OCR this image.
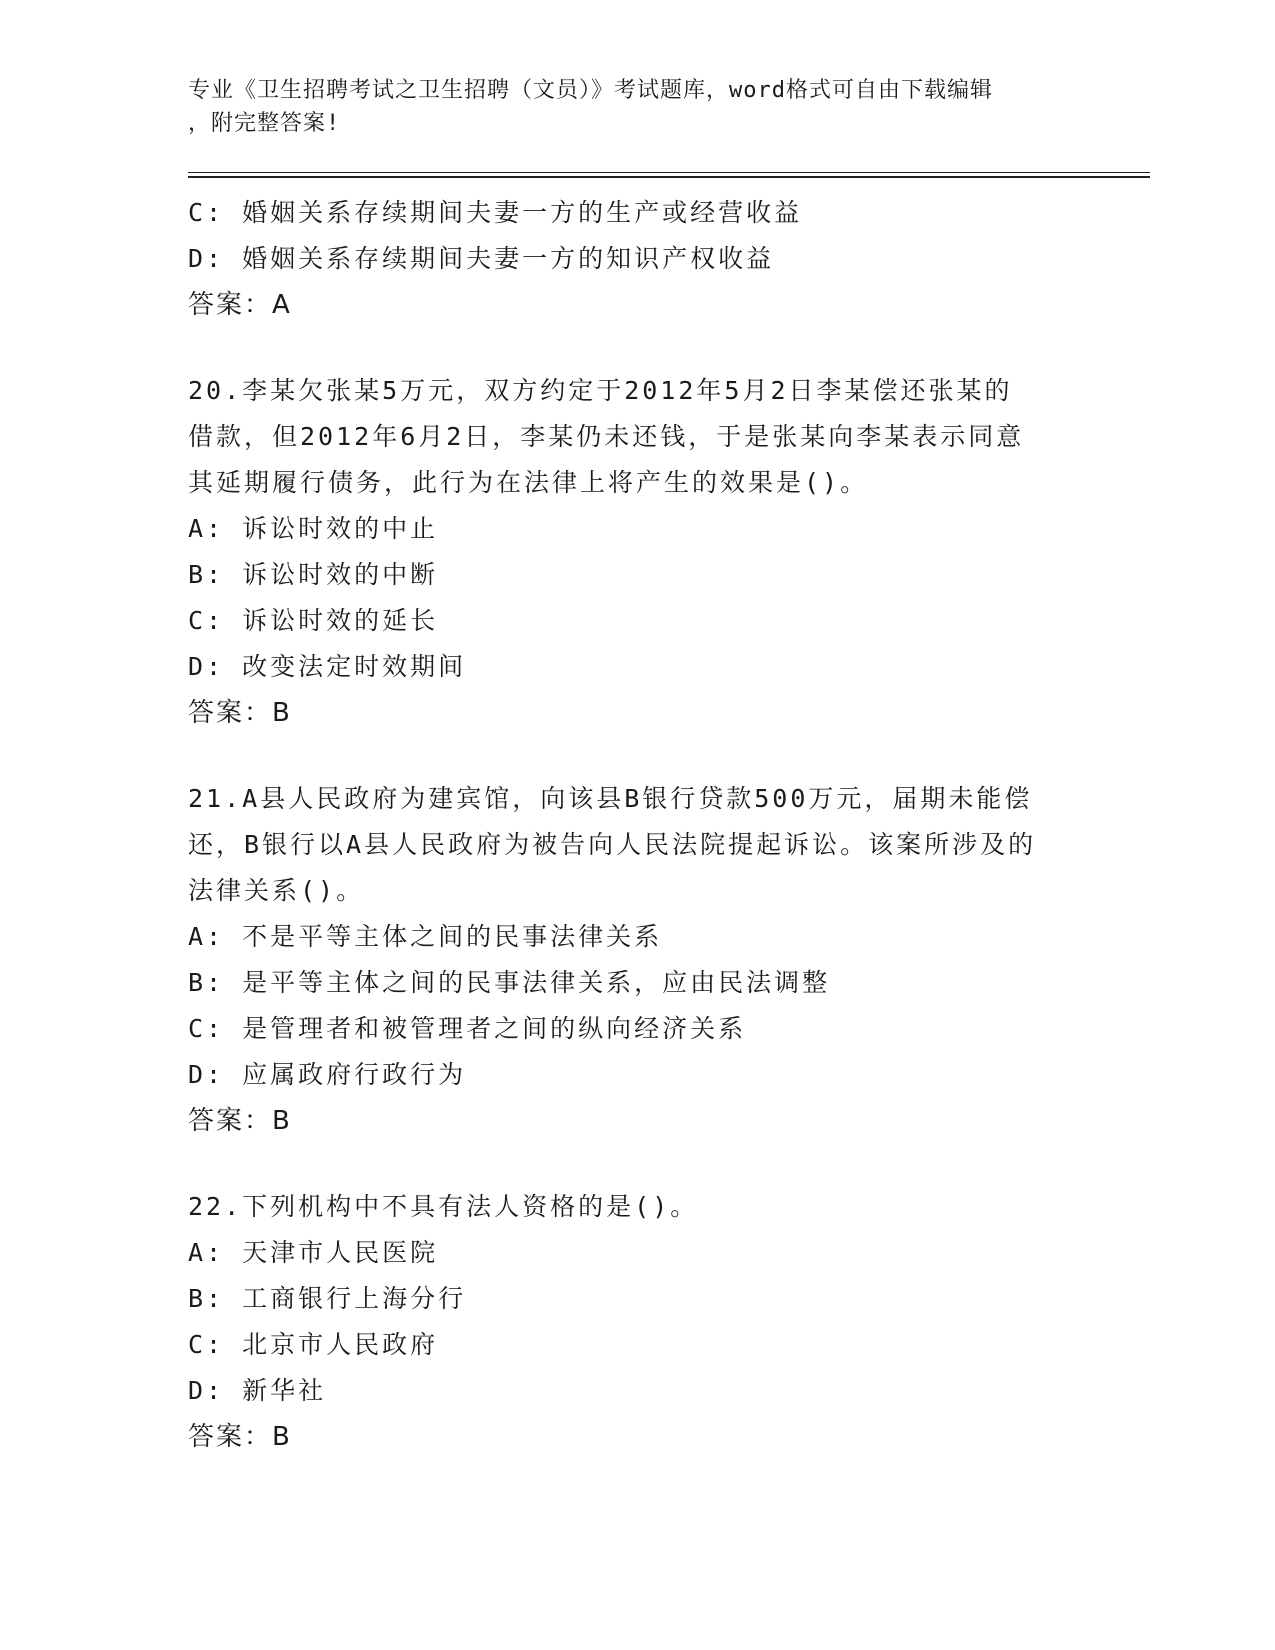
专业《卫生招聘考试之卫生招聘（文员）》考试题库，word格式可自由下载编辑
，附完整答案!
C: 婚姻关系存续期间夫妻一方的生产或经营收益
D: 婚姻关系存续期间夫妻一方的知识产权收益
答案：A
20.李某欠张某5万元，双方约定于2012年5月2日李某偿还张某的
借款，但2012年6月2日，李某仍未还钱，于是张某向李某表示同意
其延期履行债务，此行为在法律上将产生的效果是()。
A: 诉讼时效的中止
B: 诉讼时效的中断
C: 诉讼时效的延长
D: 改变法定时效期间
答案：B
21.A县人民政府为建宾馆，向该县B银行贷款500万元，届期未能偿
还，B银行以A县人民政府为被告向人民法院提起诉讼。该案所涉及的
法律关系()。
A: 不是平等主体之间的民事法律关系
B: 是平等主体之间的民事法律关系，应由民法调整
C: 是管理者和被管理者之间的纵向经济关系
D: 应属政府行政行为
答案：B
22.下列机构中不具有法人资格的是()。
A: 天津市人民医院
B: 工商银行上海分行
C: 北京市人民政府
D: 新华社
答案：B
